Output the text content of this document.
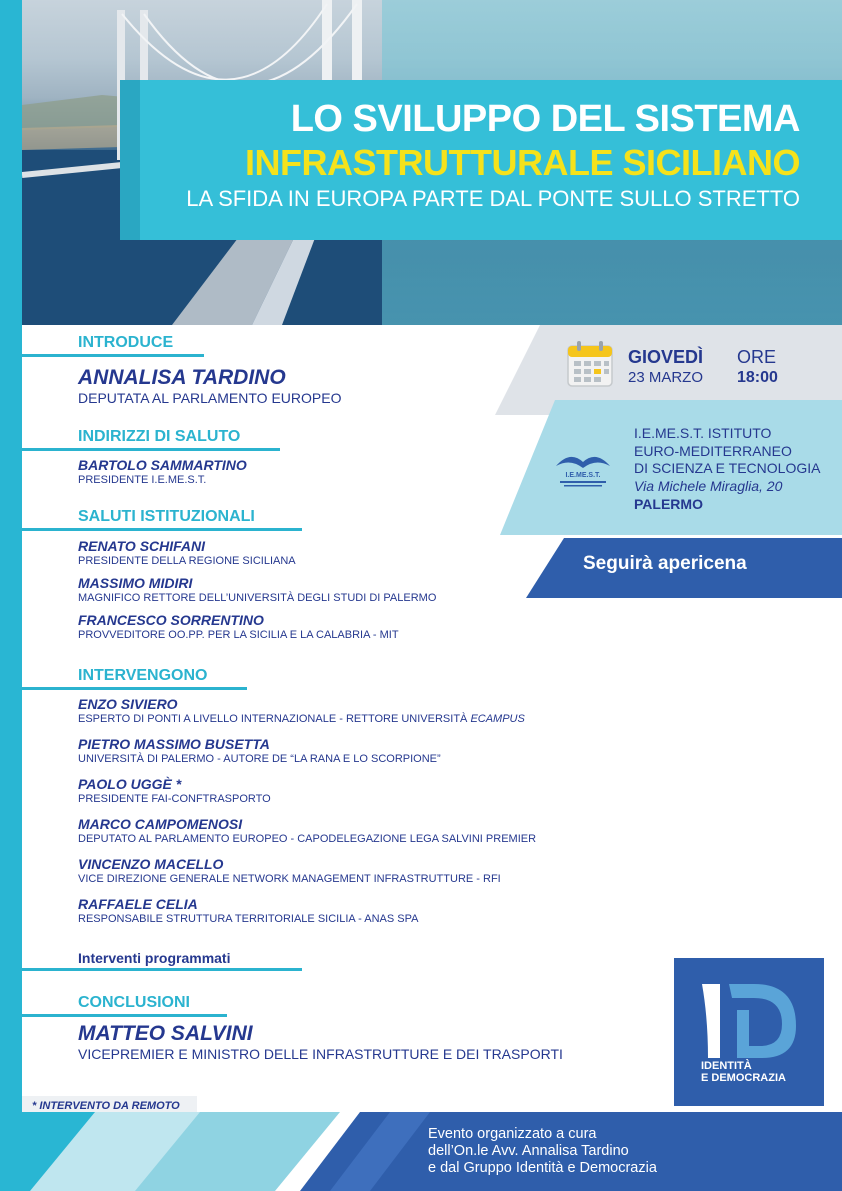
LO SVILUPPO DEL SISTEMA
INFRASTRUTTURALE SICILIANO
LA SFIDA IN EUROPA PARTE DAL PONTE SULLO STRETTO
INTRODUCE
ANNALISA TARDINO
DEPUTATA AL PARLAMENTO EUROPEO
INDIRIZZI DI SALUTO
BARTOLO SAMMARTINO
PRESIDENTE I.E.ME.S.T.
SALUTI ISTITUZIONALI
RENATO SCHIFANI
PRESIDENTE DELLA REGIONE SICILIANA
MASSIMO MIDIRI
MAGNIFICO RETTORE DELL’UNIVERSITÀ DEGLI STUDI DI PALERMO
FRANCESCO SORRENTINO
PROVVEDITORE OO.PP. PER LA SICILIA E LA CALABRIA - MIT
INTERVENGONO
ENZO SIVIERO
ESPERTO DI PONTI A LIVELLO INTERNAZIONALE - RETTORE UNIVERSITÀ ECAMPUS
PIETRO MASSIMO BUSETTA
UNIVERSITÀ DI PALERMO - AUTORE DE “LA RANA E LO SCORPIONE”
PAOLO UGGÈ *
PRESIDENTE FAI-CONFTRASPORTO
MARCO CAMPOMENOSI
DEPUTATO AL PARLAMENTO EUROPEO - CAPODELEGAZIONE LEGA SALVINI PREMIER
VINCENZO MACELLO
VICE DIREZIONE GENERALE NETWORK MANAGEMENT INFRASTRUTTURE - RFI
RAFFAELE CELIA
RESPONSABILE STRUTTURA TERRITORIALE SICILIA - ANAS SPA
Interventi programmati
CONCLUSIONI
MATTEO SALVINI
VICEPREMIER E MINISTRO DELLE INFRASTRUTTURE E DEI TRASPORTI
* INTERVENTO DA REMOTO
GIOVEDÌ
23 MARZO
ORE
18:00
I.E.ME.S.T.
I.E.ME.S.T. ISTITUTO
EURO-MEDITERRANEO
DI SCIENZA E TECNOLOGIA
Via Michele Miraglia, 20
PALERMO
Seguirà apericena
IDENTITÀ
E DEMOCRAZIA
Evento organizzato a cura
dell’On.le Avv. Annalisa Tardino
e dal Gruppo Identità e Democrazia
